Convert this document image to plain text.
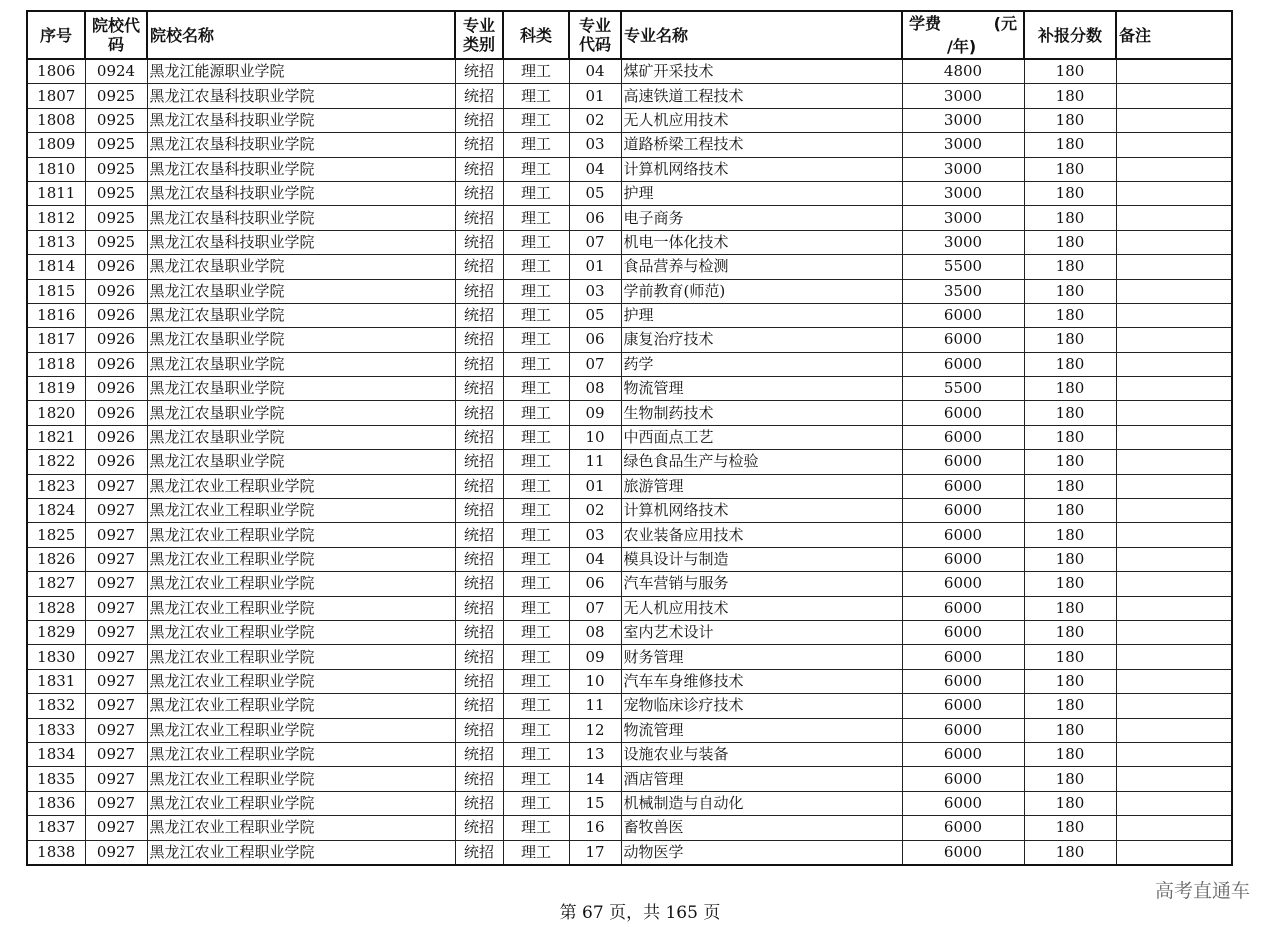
序号	院校代码	院校名称	专业类别	科类	专业代码	专业名称	学费 (元
/年)	补报分数	备注
1806	0924	黑龙江能源职业学院	统招	理工	04	煤矿开采技术	4800	180	
1807	0925	黑龙江农垦科技职业学院	统招	理工	01	高速铁道工程技术	3000	180	
1808	0925	黑龙江农垦科技职业学院	统招	理工	02	无人机应用技术	3000	180	
1809	0925	黑龙江农垦科技职业学院	统招	理工	03	道路桥梁工程技术	3000	180	
1810	0925	黑龙江农垦科技职业学院	统招	理工	04	计算机网络技术	3000	180	
1811	0925	黑龙江农垦科技职业学院	统招	理工	05	护理	3000	180	
1812	0925	黑龙江农垦科技职业学院	统招	理工	06	电子商务	3000	180	
1813	0925	黑龙江农垦科技职业学院	统招	理工	07	机电一体化技术	3000	180	
1814	0926	黑龙江农垦职业学院	统招	理工	01	食品营养与检测	5500	180	
1815	0926	黑龙江农垦职业学院	统招	理工	03	学前教育(师范)	3500	180	
1816	0926	黑龙江农垦职业学院	统招	理工	05	护理	6000	180	
1817	0926	黑龙江农垦职业学院	统招	理工	06	康复治疗技术	6000	180	
1818	0926	黑龙江农垦职业学院	统招	理工	07	药学	6000	180	
1819	0926	黑龙江农垦职业学院	统招	理工	08	物流管理	5500	180	
1820	0926	黑龙江农垦职业学院	统招	理工	09	生物制药技术	6000	180	
1821	0926	黑龙江农垦职业学院	统招	理工	10	中西面点工艺	6000	180	
1822	0926	黑龙江农垦职业学院	统招	理工	11	绿色食品生产与检验	6000	180	
1823	0927	黑龙江农业工程职业学院	统招	理工	01	旅游管理	6000	180	
1824	0927	黑龙江农业工程职业学院	统招	理工	02	计算机网络技术	6000	180	
1825	0927	黑龙江农业工程职业学院	统招	理工	03	农业装备应用技术	6000	180	
1826	0927	黑龙江农业工程职业学院	统招	理工	04	模具设计与制造	6000	180	
1827	0927	黑龙江农业工程职业学院	统招	理工	06	汽车营销与服务	6000	180	
1828	0927	黑龙江农业工程职业学院	统招	理工	07	无人机应用技术	6000	180	
1829	0927	黑龙江农业工程职业学院	统招	理工	08	室内艺术设计	6000	180	
1830	0927	黑龙江农业工程职业学院	统招	理工	09	财务管理	6000	180	
1831	0927	黑龙江农业工程职业学院	统招	理工	10	汽车车身维修技术	6000	180	
1832	0927	黑龙江农业工程职业学院	统招	理工	11	宠物临床诊疗技术	6000	180	
1833	0927	黑龙江农业工程职业学院	统招	理工	12	物流管理	6000	180	
1834	0927	黑龙江农业工程职业学院	统招	理工	13	设施农业与装备	6000	180	
1835	0927	黑龙江农业工程职业学院	统招	理工	14	酒店管理	6000	180	
1836	0927	黑龙江农业工程职业学院	统招	理工	15	机械制造与自动化	6000	180	
1837	0927	黑龙江农业工程职业学院	统招	理工	16	畜牧兽医	6000	180	
1838	0927	黑龙江农业工程职业学院	统招	理工	17	动物医学	6000	180	
第 67 页，共 165 页
高考直通车
